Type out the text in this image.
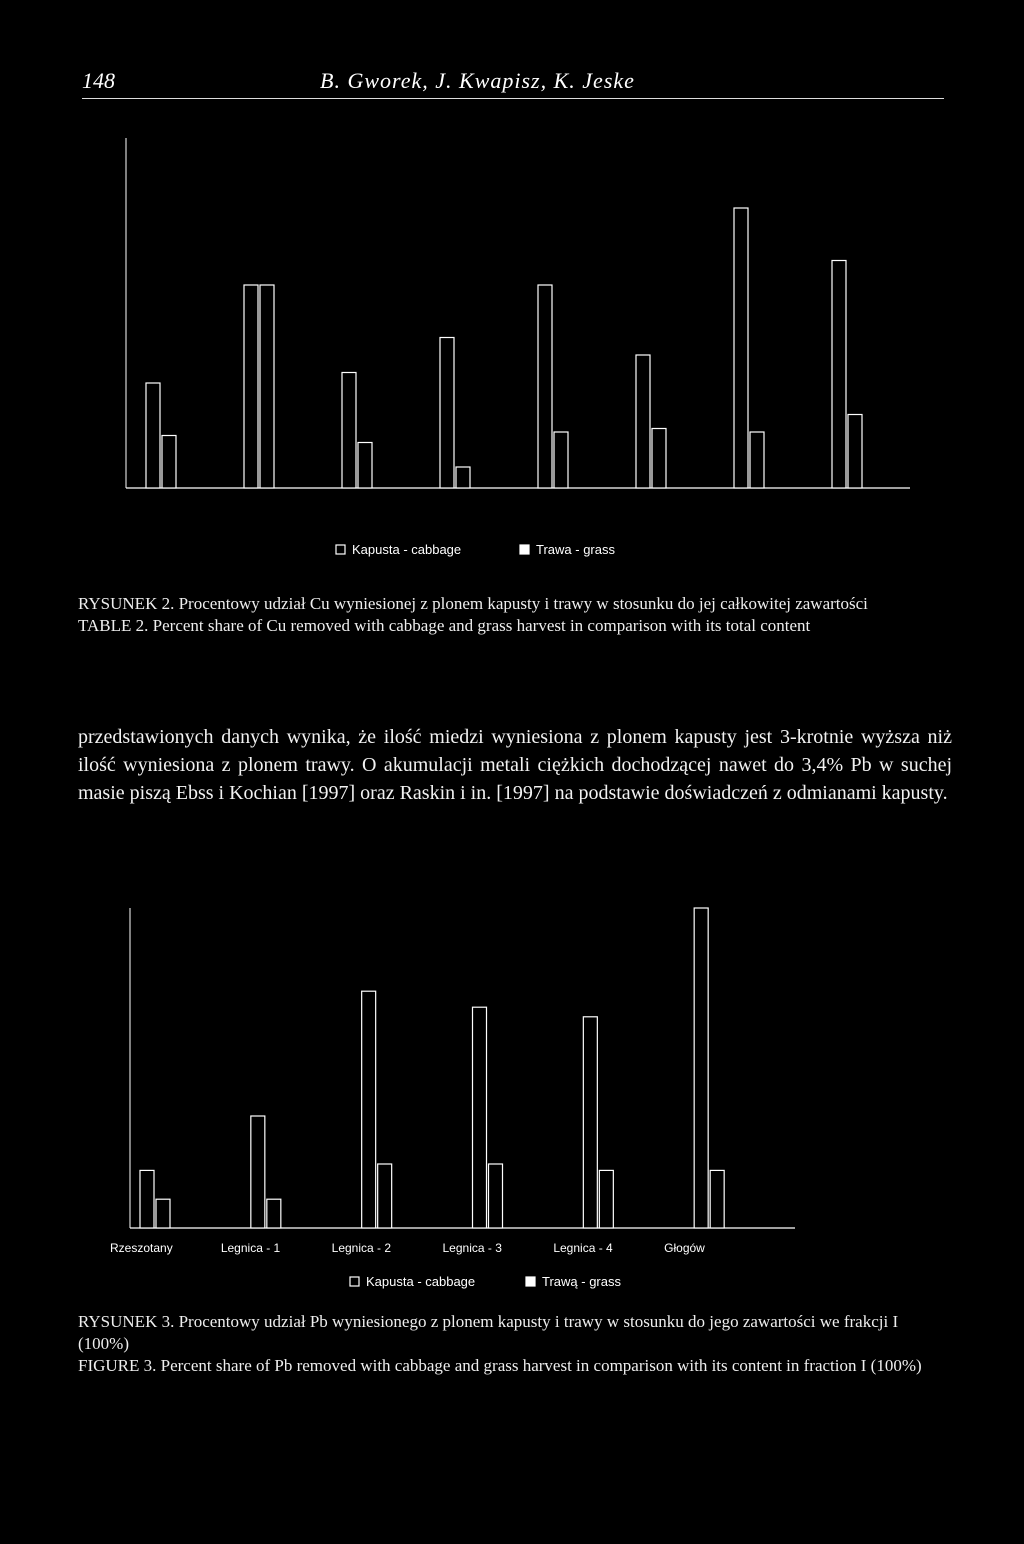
148	B. Gworek, J. Kwapisz, K. Jeske
Kapusta - cabbage	Trawa - grass
RYSUNEK 2. Procentowy udział Cu wyniesionej z plonem kapusty i trawy w stosunku do jej całkowitej zawartości
TABLE 2. Percent share of Cu removed with cabbage and grass harvest in comparison with its total content

przedstawionych danych wynika, że ilość miedzi wyniesiona z plonem kapusty jest 3-krotnie wyższa niż ilość wyniesiona z plonem trawy. O akumulacji metali ciężkich dochodzącej nawet do 3,4% Pb w suchej masie piszą Ebss i Kochian [1997] oraz Raskin i in. [1997] na podstawie doświadczeń z odmianami kapusty.

Rzeszotany	Legnica - 1	Legnica - 2	Legnica - 3	Legnica - 4	Głogów
Kapusta - cabbage	Trawą - grass
RYSUNEK 3. Procentowy udział Pb wyniesionego z plonem kapusty i trawy w stosunku do jego zawartości we frakcji I (100%)
FIGURE 3. Percent share of Pb removed with cabbage and grass harvest in comparison with its content in fraction I (100%)
